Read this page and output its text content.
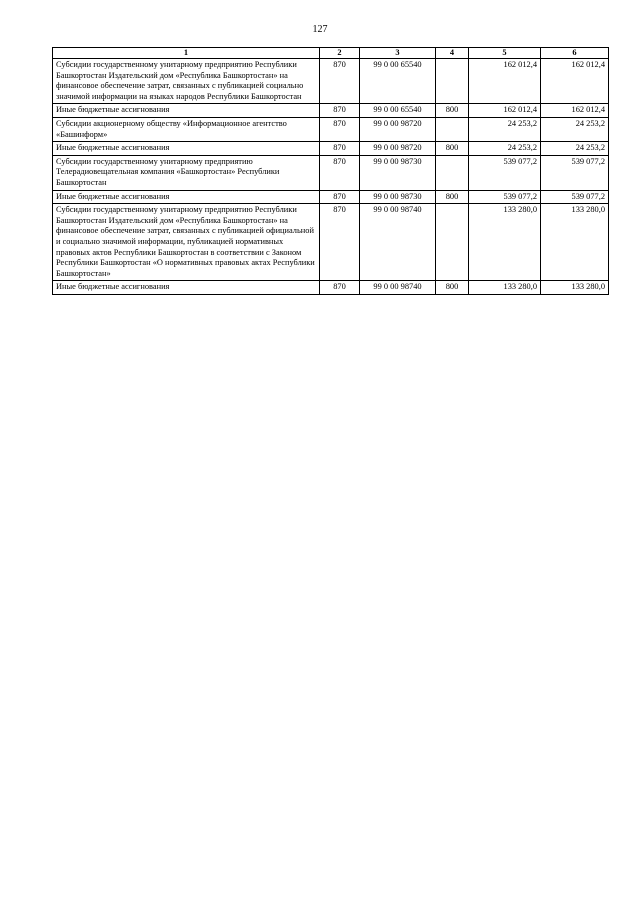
127
1	2	3	4	5	6
Субсидии государственному унитарному предприятию Республики Башкортостан Издательский дом «Республика Башкортостан» на финансовое обеспечение затрат, связанных с публикацией социально значимой информации на языках народов Республики Башкортостан	870	99 0 00 65540		162 012,4	162 012,4
Иные бюджетные ассигнования	870	99 0 00 65540	800	162 012,4	162 012,4
Субсидии акционерному обществу «Информационное агентство «Башинформ»	870	99 0 00 98720		24 253,2	24 253,2
Иные бюджетные ассигнования	870	99 0 00 98720	800	24 253,2	24 253,2
Субсидии государственному унитарному предприятию Телерадиовещательная компания «Башкортостан» Республики Башкортостан	870	99 0 00 98730		539 077,2	539 077,2
Иные бюджетные ассигнования	870	99 0 00 98730	800	539 077,2	539 077,2
Субсидии государственному унитарному предприятию Республики Башкортостан Издательский дом «Республика Башкортостан» на финансовое обеспечение затрат, связанных с публикацией официальной и социально значимой информации, публикацией нормативных правовых актов Республики Башкортостан в соответствии с Законом Республики Башкортостан «О нормативных правовых актах Республики Башкортостан»	870	99 0 00 98740		133 280,0	133 280,0
Иные бюджетные ассигнования	870	99 0 00 98740	800	133 280,0	133 280,0
